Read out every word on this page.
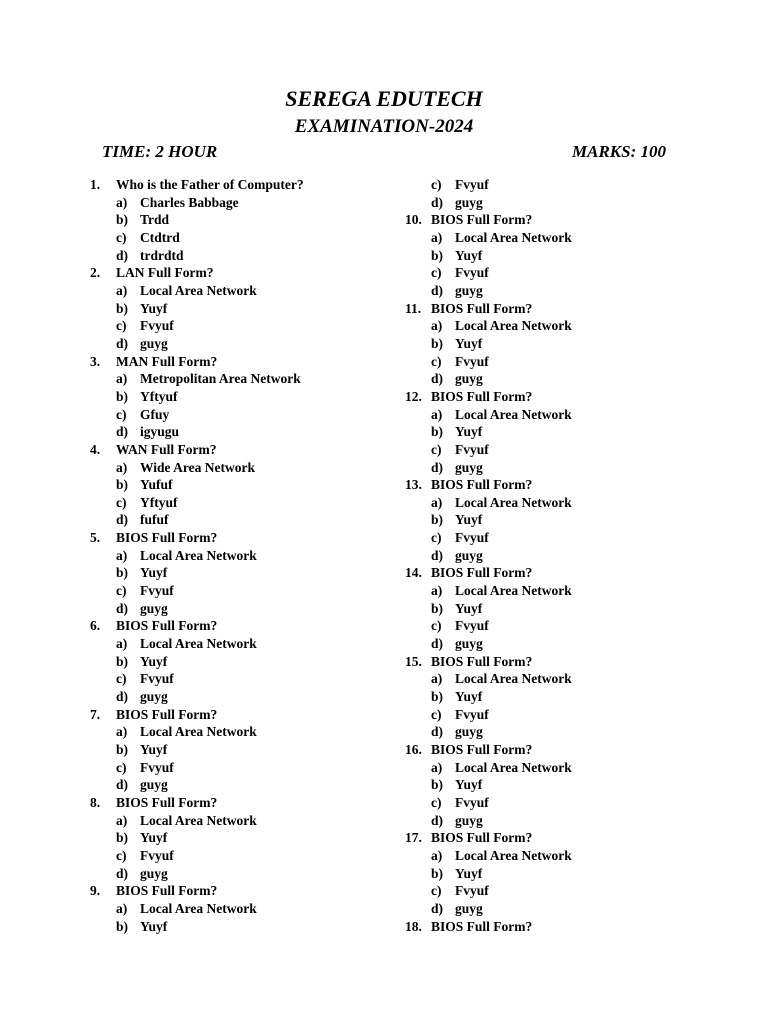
SEREGA EDUTECH
EXAMINATION-2024
TIME: 2 HOUR	MARKS: 100
1. Who is the Father of Computer?
a) Charles Babbage
b) Trdd
c) Ctdtrd
d) trdrdtd
2. LAN Full Form?
a) Local Area Network
b) Yuyf
c) Fvyuf
d) guyg
3. MAN Full Form?
a) Metropolitan Area Network
b) Yftyuf
c) Gfuy
d) igyugu
4. WAN Full Form?
a) Wide Area Network
b) Yufuf
c) Yftyuf
d) fufuf
5. BIOS Full Form?
a) Local Area Network
b) Yuyf
c) Fvyuf
d) guyg
6. BIOS Full Form?
a) Local Area Network
b) Yuyf
c) Fvyuf
d) guyg
7. BIOS Full Form?
a) Local Area Network
b) Yuyf
c) Fvyuf
d) guyg
8. BIOS Full Form?
a) Local Area Network
b) Yuyf
c) Fvyuf
d) guyg
9. BIOS Full Form?
a) Local Area Network
b) Yuyf
c) Fvyuf
d) guyg
10. BIOS Full Form?
a) Local Area Network
b) Yuyf
c) Fvyuf
d) guyg
11. BIOS Full Form?
a) Local Area Network
b) Yuyf
c) Fvyuf
d) guyg
12. BIOS Full Form?
a) Local Area Network
b) Yuyf
c) Fvyuf
d) guyg
13. BIOS Full Form?
a) Local Area Network
b) Yuyf
c) Fvyuf
d) guyg
14. BIOS Full Form?
a) Local Area Network
b) Yuyf
c) Fvyuf
d) guyg
15. BIOS Full Form?
a) Local Area Network
b) Yuyf
c) Fvyuf
d) guyg
16. BIOS Full Form?
a) Local Area Network
b) Yuyf
c) Fvyuf
d) guyg
17. BIOS Full Form?
a) Local Area Network
b) Yuyf
c) Fvyuf
d) guyg
18. BIOS Full Form?
